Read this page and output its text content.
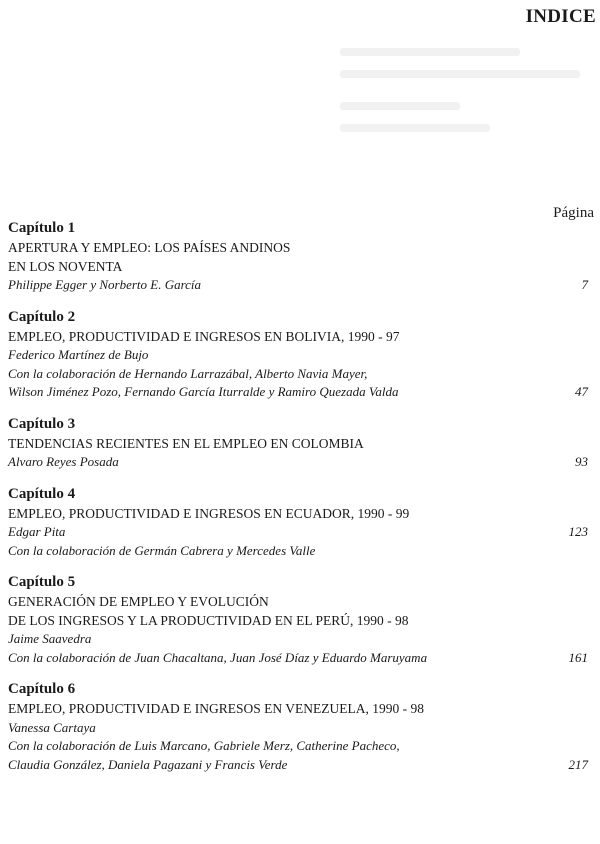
INDICE
Página
Capítulo 1
APERTURA Y EMPLEO: LOS PAÍSES ANDINOS
EN LOS NOVENTA
Philippe Egger y Norberto E. García	7
Capítulo 2
EMPLEO, PRODUCTIVIDAD E INGRESOS EN BOLIVIA, 1990 - 97
Federico Martínez de Bujo
Con la colaboración de Hernando Larrazábal, Alberto Navia Mayer,
Wilson Jiménez Pozo, Fernando García Iturralde y Ramiro Quezada Valda	47
Capítulo 3
TENDENCIAS RECIENTES EN EL EMPLEO EN COLOMBIA
Alvaro Reyes Posada	93
Capítulo 4
EMPLEO, PRODUCTIVIDAD E INGRESOS EN ECUADOR, 1990 - 99
Edgar Pita	123
Con la colaboración de Germán Cabrera y Mercedes Valle
Capítulo 5
GENERACIÓN DE EMPLEO Y EVOLUCIÓN
DE LOS INGRESOS Y LA PRODUCTIVIDAD EN EL PERÚ, 1990 - 98
Jaime Saavedra
Con la colaboración de Juan Chacaltana, Juan José Díaz y Eduardo Maruyama	161
Capítulo 6
EMPLEO, PRODUCTIVIDAD E INGRESOS EN VENEZUELA, 1990 - 98
Vanessa Cartaya
Con la colaboración de Luis Marcano, Gabriele Merz, Catherine Pacheco,
Claudia González, Daniela Pagazani y Francis Verde	217
